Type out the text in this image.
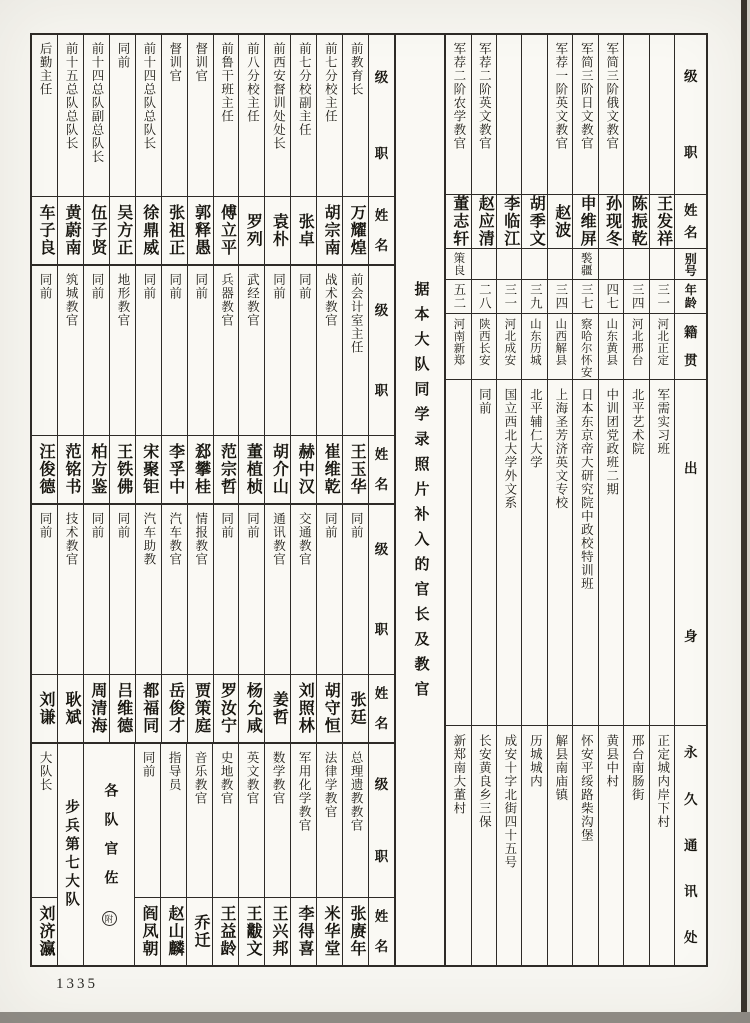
级
职
姓
名
前教育长
万耀煌
前七分校主任
胡宗南
前七分校副主任
张卓
前西安督训处处长
袁朴
前八分校主任
罗列
前鲁干班主任
傅立平
督训官
郭释愚
督训官
张祖正
前十四总队总队长
徐鼎威
同前
吴方正
前十四总队副总队长
伍子贤
前十五总队总队长
黄蔚南
后勤主任
车子良
级
职
姓
名
前会计室主任
王玉华
战术教官
崔维乾
同前
赫中汉
同前
胡介山
武经教官
董植桢
兵器教官
范宗哲
同前
郄攀桂
同前
李孚中
同前
宋聚钜
地形教官
王铁佛
同前
柏方鉴
筑城教官
范铭书
同前
汪俊德
级
职
姓
名
同前
张廷
同前
胡守恒
交通教官
刘照林
通讯教官
姜哲
同前
杨允咸
同前
罗汝宁
情报教官
贾策庭
汽车教官
岳俊才
汽车助教
都福同
同前
吕维德
同前
周清海
技术教官
耿斌
同前
刘谦
级
职
姓
名
总理遗教教官
张赓年
法律学教官
米华堂
军用化学教官
李得喜
数学教官
王兴邦
英文教官
王黻文
史地教官
王益龄
音乐教官
乔迁
指导员
赵山麟
同前
阎凤朝
各队官佐
附
步兵第七大队
大队长
刘济瀛
据本大队同学录照片补入的官长及教官
级
职
姓
名
别
号
年
龄
籍
贯
出
身
永
久
通
讯
处
王发祥
三一
河北正定
军需实习班
正定城内岸下村
陈振乾
三四
河北邢台
北平艺术院
邢台南肠街
军简三阶俄文教官
孙现冬
四七
山东黄县
中训团党政班二期
黄县中村
军简三阶日文教官
申维屏
褧疆
三七
察哈尔怀安
日本东京帝大研究院中政校特训班
怀安平绥路柴沟堡
军荐一阶英文教官
赵波
三四
山西解县
上海圣芳济英文专校
解县南庙镇
胡季文
三九
山东历城
北平辅仁大学
历城城内
李临江
三一
河北成安
国立西北大学外文系
成安十字北街四十五号
军荐二阶英文教官
赵应清
二八
陕西长安
同前
长安黄良乡三保
军荐二阶农学教官
董志轩
策良
五二
河南新郑
新郑南大董村
1335
